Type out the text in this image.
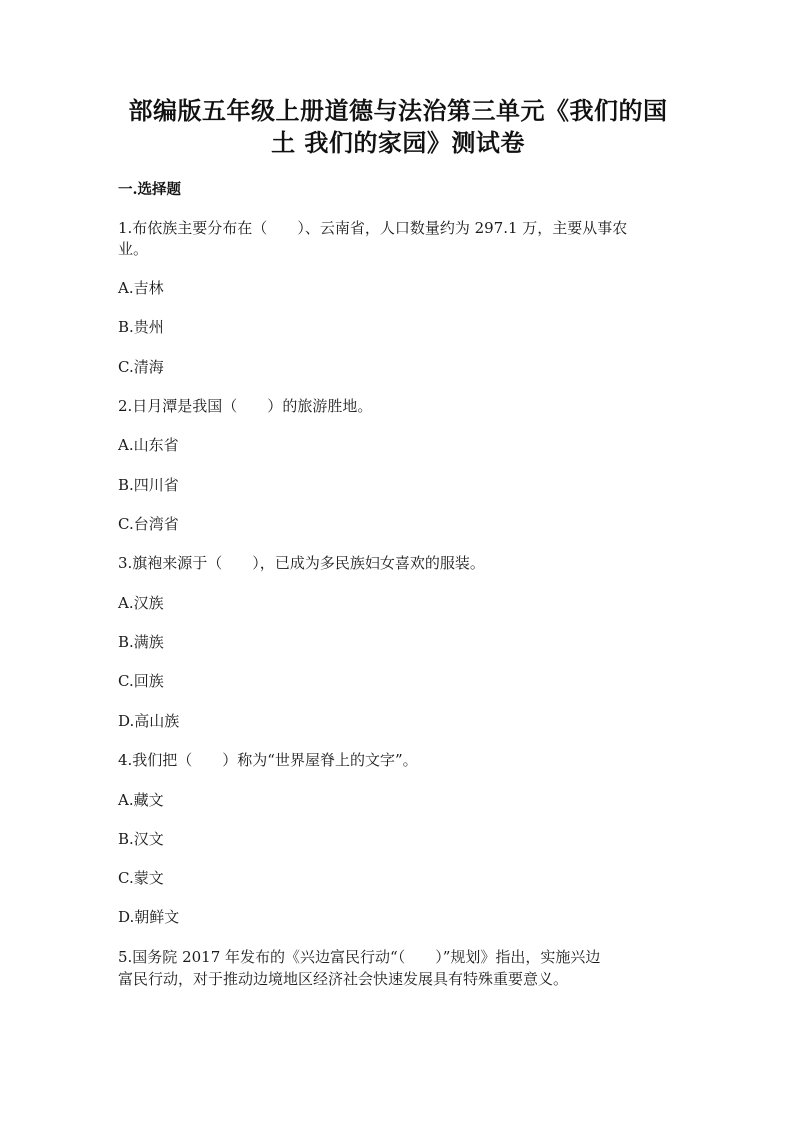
部编版五年级上册道德与法治第三单元《我们的国
土 我们的家园》测试卷
一.选择题
1.布依族主要分布在（　　）、云南省，人口数量约为 297.1 万，主要从事农
业。
A.吉林
B.贵州
C.清海
2.日月潭是我国（　　）的旅游胜地。
A.山东省
B.四川省
C.台湾省
3.旗袍来源于（　　），已成为多民族妇女喜欢的服装。
A.汉族
B.满族
C.回族
D.高山族
4.我们把（　　）称为“世界屋脊上的文字”。
A.藏文
B.汉文
C.蒙文
D.朝鲜文
5.国务院 2017 年发布的《兴边富民行动“（　　）”规划》指出，实施兴边
富民行动，对于推动边境地区经济社会快速发展具有特殊重要意义。
